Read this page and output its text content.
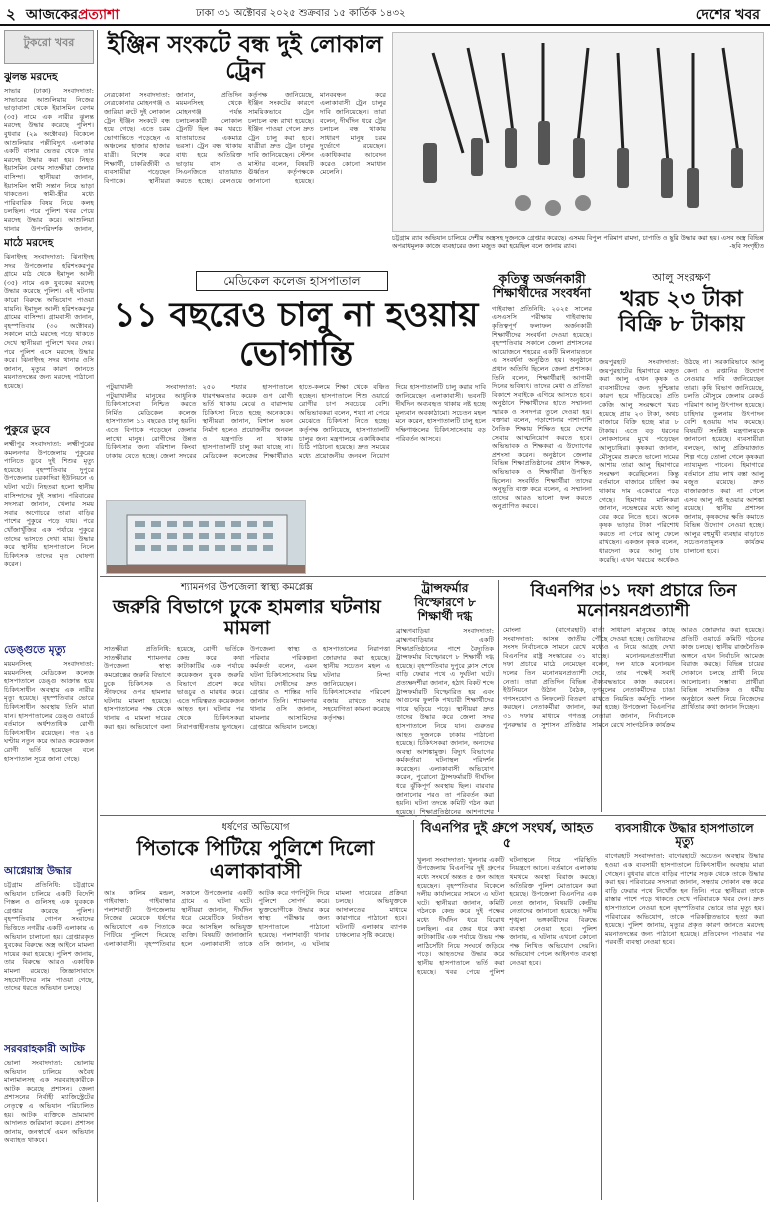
২ আজকেরপ্রত্যাশা	ঢাকা ৩১ অক্টোবর ২০২৫ শুক্রবার ১৫ কার্তিক ১৪৩২	দেশের খবর
টুকরো খবর
ঝুলন্ত মরদেহ
সাভার (ঢাকা) সংবাদদাতা: সাভারের আশুলিয়ায় নিজের ভাড়াবাসা থেকে ইয়াসমিন বেগম (৩৫) নামে এক নারীর ঝুলন্ত মরদেহ উদ্ধার করেছে পুলিশ। বুধবার (২৯ অক্টোবর) বিকেলে আশুলিয়ার পল্লীবিদ্যুৎ এলাকার একটি বাসার ভেতর থেকে তার মরদেহ উদ্ধার করা হয়। নিহত ইয়াসমিন বেগম সাতক্ষীরা জেলার বাসিন্দা। স্থানীয়রা জানান, ইয়াসমিন স্বামী সন্তান নিয়ে ভাড়া থাকতেন। স্বামী-স্ত্রীর মধ্যে পারিবারিক বিষয় নিয়ে কলহ চলছিল। পরে পুলিশ খবর পেয়ে মরদেহ উদ্ধার করে। আশুলিয়া থানার উপপরিদর্শক জানান,
মাঠে মরদেহ
ঝিনাইদহ সংবাদদাতা: ঝিনাইদহ সদর উপজেলার হরিশংকরপুর গ্রামে মাঠ থেকে ইমাদুল আলী (৩৫) নামে এক যুবকের মরদেহ উদ্ধার করেছে পুলিশ। এই ঘটনায় কারো বিরুদ্ধে অভিযোগ পাওয়া যায়নি। ইমাদুল আলী হরিশংকরপুর গ্রামের বাসিন্দা। গ্রামবাসী জানান, বৃহস্পতিবার (৩০ অক্টোবর) সকালে মাঠে মরদেহ পড়ে থাকতে দেখে স্থানীয়রা পুলিশে খবর দেয়। পরে পুলিশ এসে মরদেহ উদ্ধার করে। ঝিনাইদহ সদর থানার ওসি জানান, মৃত্যুর কারণ জানতে ময়নাতদন্তের জন্য মরদেহ পাঠানো হয়েছে।
পুকুরে ডুবে
লক্ষ্মীপুর সংবাদদাতা: লক্ষ্মীপুরের কমলনগর উপজেলায় পুকুরের পানিতে ডুবে দুই শিশুর মৃত্যু হয়েছে। বৃহস্পতিবার দুপুরে উপজেলার চরকাদিরা ইউনিয়নে এ ঘটনা ঘটে। নিহতরা হলো স্থানীয় বাসিন্দাদের দুই সন্তান। পরিবারের সদস্যরা জানান, খেলার সময় সবার অগোচরে তারা বাড়ির পাশের পুকুরে পড়ে যায়। পরে খোঁজাখুঁজির এক পর্যায়ে পুকুরে তাদের ভাসতে দেখা যায়। উদ্ধার করে স্থানীয় হাসপাতালে নিলে চিকিৎসক তাদের মৃত ঘোষণা করেন।
ডেঙ্গুতে মৃত্যু
ময়মনসিংহ সংবাদদাতা: ময়মনসিংহ মেডিকেল কলেজ হাসপাতালে ডেঙ্গু আক্রান্ত হয়ে চিকিৎসাধীন অবস্থায় এক নারীর মৃত্যু হয়েছে। বৃহস্পতিবার ভোরে চিকিৎসাধীন অবস্থায় তিনি মারা যান। হাসপাতালের ডেঙ্গু ওয়ার্ডে বর্তমানে অর্ধশতাধিক রোগী চিকিৎসাধীন রয়েছেন। গত ২৪ ঘণ্টায় নতুন করে আরও কয়েকজন রোগী ভর্তি হয়েছেন বলে হাসপাতাল সূত্রে জানা গেছে।
আগ্নেয়াস্ত্র উদ্ধার
চট্টগ্রাম প্রতিনিধি: চট্টগ্রামে অভিযান চালিয়ে একটি বিদেশি পিস্তল ও গুলিসহ এক যুবককে গ্রেপ্তার করেছে পুলিশ। বৃহস্পতিবার গোপন সংবাদের ভিত্তিতে নগরীর একটি এলাকায় এ অভিযান চালানো হয়। গ্রেপ্তারকৃত যুবকের বিরুদ্ধে অস্ত্র আইনে মামলা দায়ের করা হয়েছে। পুলিশ জানায়, তার বিরুদ্ধে আরও একাধিক মামলা রয়েছে। জিজ্ঞাসাবাদে সহযোগীদের নাম পাওয়া গেছে, তাদের ধরতে অভিযান চলছে।
সরবরাহকারী আটক
ভোলা সংবাদদাতা: ভোলায় অভিযান চালিয়ে অবৈধ মালামালসহ এক সরবরাহকারীকে আটক করেছে প্রশাসন। জেলা প্রশাসনের নির্বাহী ম্যাজিস্ট্রেটের নেতৃত্বে এ অভিযান পরিচালিত হয়। আটক ব্যক্তিকে ভ্রাম্যমাণ আদালত জরিমানা করেন। প্রশাসন জানায়, জনস্বার্থে এমন অভিযান অব্যাহত থাকবে।
ইঞ্জিন সংকটে বন্ধ দুই লোকাল ট্রেন
নেত্রকোনা সংবাদদাতা: নেত্রকোনার মোহনগঞ্জ ও জারিয়া রুটে দুই লোকাল ট্রেন ইঞ্জিন সংকটে বন্ধ হয়ে গেছে। এতে চরম ভোগান্তিতে পড়েছেন এ অঞ্চলের হাজার হাজার যাত্রী। বিশেষ করে শিক্ষার্থী, চাকরিজীবী ও ব্যবসায়ীরা পড়েছেন বিপাকে। স্থানীয়রা জানান, প্রতিদিন ময়মনসিংহ থেকে মোহনগঞ্জ পর্যন্ত চলাচলকারী লোকাল ট্রেনটি ছিল কম খরচে যাতায়াতের একমাত্র ভরসা। ট্রেন বন্ধ থাকায় বাধ্য হয়ে অতিরিক্ত ভাড়ায় বাস ও সিএনজিতে যাতায়াত করতে হচ্ছে। রেলওয়ে কর্তৃপক্ষ জানিয়েছে, ইঞ্জিন সংকটের কারণে সাময়িকভাবে ট্রেন চলাচল বন্ধ রাখা হয়েছে। ইঞ্জিন পাওয়া গেলে দ্রুত ট্রেন চালু করা হবে। যাত্রীরা দ্রুত ট্রেন চালুর দাবি জানিয়েছেন। স্টেশন মাস্টার বলেন, বিষয়টি ঊর্ধ্বতন কর্তৃপক্ষকে জানানো হয়েছে। মানববন্ধন করে এলাকাবাসী ট্রেন চালুর দাবি জানিয়েছেন। তারা বলেন, দীর্ঘদিন ধরে ট্রেন চলাচল বন্ধ থাকায় সাধারণ মানুষ চরম দুর্ভোগে রয়েছেন। একাধিকবার আবেদন করেও কোনো সমাধান মেলেনি।
চট্টগ্রাম র‍্যাব অভিযান চালিয়ে দেশীয় অস্ত্রসহ দুজনকে গ্রেপ্তার করেছে। এসময় বিপুল পরিমাণ রামদা, চাপাতি ও ছুরি উদ্ধার করা হয়। এসব অস্ত্র বিভিন্ন অপরাধমূলক কাজে ব্যবহারের জন্য মজুত করা হয়েছিল বলে জানায় র‍্যাব।	-ছবি সংগৃহীত
মেডিকেল কলেজ হাসপাতাল
১১ বছরেও চালু না হওয়ায় ভোগান্তি
পটুয়াখালী সংবাদদাতা: পটুয়াখালীর মানুষের আধুনিক চিকিৎসাসেবা নিশ্চিত করতে নির্মিত মেডিকেল কলেজ হাসপাতাল ১১ বছরেও চালু হয়নি। এতে বিপাকে পড়েছেন জেলার লাখো মানুষ। রোগীদের উন্নত চিকিৎসার জন্য বরিশাল কিংবা ঢাকায় যেতে হচ্ছে। জেলা সদরের ২৫০ শয্যার হাসপাতালে ধারণক্ষমতার কয়েক গুণ রোগী ভর্তি থাকায় মেঝে ও বারান্দায় চিকিৎসা নিতে হচ্ছে অনেককে। স্থানীয়রা জানান, বিশাল ভবন নির্মাণ হলেও প্রয়োজনীয় জনবল ও যন্ত্রপাতি না থাকায় হাসপাতালটি চালু করা যাচ্ছে না। মেডিকেল কলেজের শিক্ষার্থীরাও হাতে-কলমে শিক্ষা থেকে বঞ্চিত হচ্ছেন। হাসপাতালে শিশু ওয়ার্ডে রোগীর চাপ সবচেয়ে বেশি। অভিভাবকরা বলেন, শয্যা না পেয়ে মেঝেতে চিকিৎসা নিতে হচ্ছে। কর্তৃপক্ষ জানিয়েছে, হাসপাতালটি চালুর জন্য মন্ত্রণালয়ে একাধিকবার চিঠি পাঠানো হয়েছে। দ্রুত সময়ের মধ্যে প্রয়োজনীয় জনবল নিয়োগ দিয়ে হাসপাতালটি চালু করার দাবি জানিয়েছেন এলাকাবাসী। ভবনটি দীর্ঘদিন অব্যবহৃত থাকায় নষ্ট হচ্ছে মূল্যবান অবকাঠামো। সচেতন মহল মনে করেন, হাসপাতালটি চালু হলে দক্ষিণাঞ্চলের চিকিৎসাসেবায় বড় পরিবর্তন আসবে।
কৃতিত্ব অর্জনকারী শিক্ষার্থীদের সংবর্ধনা
গাইবান্ধা প্রতিনিধি: ২০২৫ সালের এসএসসি পরীক্ষায় গাইবান্ধায় কৃতিত্বপূর্ণ ফলাফল অর্জনকারী শিক্ষার্থীদের সংবর্ধনা দেওয়া হয়েছে। বৃহস্পতিবার সকালে জেলা প্রশাসনের আয়োজনে শহরের একটি মিলনায়তনে এ সংবর্ধনা অনুষ্ঠিত হয়। অনুষ্ঠানে প্রধান অতিথি ছিলেন জেলা প্রশাসক। তিনি বলেন, শিক্ষার্থীরাই আগামী দিনের ভবিষ্যৎ। তাদের মেধা ও প্রতিভা বিকাশে সবাইকে এগিয়ে আসতে হবে। অনুষ্ঠানে শিক্ষার্থীদের হাতে সম্মাননা স্মারক ও সনদপত্র তুলে দেওয়া হয়। বক্তারা বলেন, পড়াশোনার পাশাপাশি নৈতিক শিক্ষায় শিক্ষিত হয়ে দেশের সেবায় আত্মনিয়োগ করতে হবে। অভিভাবক ও শিক্ষকরা এ উদ্যোগের প্রশংসা করেন। অনুষ্ঠানে জেলার বিভিন্ন শিক্ষাপ্রতিষ্ঠানের প্রধান শিক্ষক, অভিভাবক ও শিক্ষার্থীরা উপস্থিত ছিলেন। সংবর্ধিত শিক্ষার্থীরা তাদের অনুভূতি ব্যক্ত করে বলেন, এ সম্মাননা তাদের আরও ভালো ফল করতে অনুপ্রাণিত করবে।
আলু সংরক্ষণ
খরচ ২৩ টাকা বিক্রি ৮ টাকায়
জয়পুরহাট সংবাদদাতা: জয়পুরহাটের হিমাগারে মজুত করা আলু এখন কৃষক ও ব্যবসায়ীদের জন্য দুশ্চিন্তার কারণ হয়ে দাঁড়িয়েছে। প্রতি কেজি আলু সংরক্ষণে খরচ হয়েছে প্রায় ২৩ টাকা, অথচ বাজারে বিক্রি হচ্ছে মাত্র ৮ টাকায়। এতে বড় ধরনের লোকসানের মুখে পড়েছেন আলুচাষিরা। কৃষকরা জানান, মৌসুমের শুরুতে ভালো দামের আশায় তারা আলু হিমাগারে সংরক্ষণ করেছিলেন। কিন্তু বর্তমানে বাজারে চাহিদা কম থাকায় দাম একেবারে পড়ে গেছে। হিমাগার মালিকরা জানান, নভেম্বরের মধ্যে আলু বের করে নিতে হবে। অনেক কৃষক ভাড়ার টাকা পরিশোধ করতে না পেরে আলু ফেলে রাখছেন। একজন কৃষক বলেন, ধারদেনা করে আলু চাষ করেছি। এখন খরচের অর্ধেকও উঠছে না। সরকারিভাবে আলু কেনা ও রপ্তানির উদ্যোগ নেওয়ার দাবি জানিয়েছেন তারা। কৃষি বিভাগ জানিয়েছে, চলতি মৌসুমে জেলায় রেকর্ড পরিমাণ আলু উৎপাদন হয়েছে। চাহিদার তুলনায় উৎপাদন বেশি হওয়ায় দাম কমেছে। বিষয়টি সংশ্লিষ্ট মন্ত্রণালয়কে জানানো হয়েছে। ব্যবসায়ীরা বলছেন, আলু প্রক্রিয়াজাত শিল্প গড়ে তোলা গেলে কৃষকরা ন্যায্যমূল্য পাবেন। হিমাগারে বর্তমানে প্রায় লাখ বস্তা আলু মজুত রয়েছে। দ্রুত বাজারজাত করা না গেলে এসব আলু নষ্ট হওয়ার আশঙ্কা রয়েছে। স্থানীয় প্রশাসন জানায়, কৃষকদের ক্ষতি কমাতে বিভিন্ন উদ্যোগ নেওয়া হচ্ছে। আলুর বহুমুখী ব্যবহার বাড়াতে সচেতনতামূলক কার্যক্রম চালানো হবে।
শ্যামনগর উপজেলা স্বাস্থ্য কমপ্লেক্স
জরুরি বিভাগে ঢুকে হামলার ঘটনায় মামলা
সাতক্ষীরা প্রতিনিধি: সাতক্ষীরার শ্যামনগর উপজেলা স্বাস্থ্য কমপ্লেক্সের জরুরি বিভাগে ঢুকে চিকিৎসক ও স্টাফদের ওপর হামলার ঘটনায় মামলা হয়েছে। হাসপাতালের পক্ষ থেকে থানায় এ মামলা দায়ের করা হয়। অভিযোগে বলা হয়েছে, রোগী ভর্তিকে কেন্দ্র করে কথা কাটাকাটির এক পর্যায়ে কয়েকজন যুবক জরুরি বিভাগে প্রবেশ করে ভাঙচুর ও মারধর করে। এতে দায়িত্বরত কয়েকজন আহত হন। ঘটনার পর থেকে চিকিৎসকরা নিরাপত্তাহীনতায় ভুগছেন। উপজেলা স্বাস্থ্য ও পরিবার পরিকল্পনা কর্মকর্তা বলেন, এমন ঘটনা চিকিৎসাসেবায় বিঘ্ন ঘটায়। দোষীদের দ্রুত গ্রেপ্তার ও শাস্তির দাবি জানান তিনি। শ্যামনগর থানার ওসি জানান, মামলার আসামিদের গ্রেপ্তারে অভিযান চলছে। হাসপাতালের নিরাপত্তা জোরদার করা হয়েছে। স্থানীয় সচেতন মহল এ ঘটনার নিন্দা জানিয়েছেন। চিকিৎসাসেবার পরিবেশ বজায় রাখতে সবার সহযোগিতা কামনা করেছে কর্তৃপক্ষ।
ট্রান্সফর্মার বিস্ফোরণে ৮ শিক্ষার্থী দগ্ধ
ব্রাহ্মণবাড়িয়া সংবাদদাতা: ব্রাহ্মণবাড়িয়ার একটি শিক্ষাপ্রতিষ্ঠানের পাশে বৈদ্যুতিক ট্রান্সফর্মার বিস্ফোরণে ৮ শিক্ষার্থী দগ্ধ হয়েছে। বৃহস্পতিবার দুপুরে ক্লাস শেষে বাড়ি ফেরার পথে এ দুর্ঘটনা ঘটে। প্রত্যক্ষদর্শীরা জানান, হঠাৎ বিকট শব্দে ট্রান্সফর্মারটি বিস্ফোরিত হয় এবং আগুনের ফুলকি পথচারী শিক্ষার্থীদের গায়ে ছড়িয়ে পড়ে। স্থানীয়রা দ্রুত তাদের উদ্ধার করে জেলা সদর হাসপাতালে নিয়ে যান। গুরুতর আহত দুজনকে ঢাকায় পাঠানো হয়েছে। চিকিৎসকরা জানান, অন্যদের অবস্থা আশঙ্কামুক্ত। বিদ্যুৎ বিভাগের কর্মকর্তারা ঘটনাস্থল পরিদর্শন করেছেন। এলাকাবাসী অভিযোগ করেন, পুরোনো ট্রান্সফর্মারটি দীর্ঘদিন ধরে ঝুঁকিপূর্ণ অবস্থায় ছিল। বারবার জানানোর পরও তা পরিবর্তন করা হয়নি। ঘটনা তদন্তে কমিটি গঠন করা হয়েছে। শিক্ষাপ্রতিষ্ঠানের আশপাশের
বিএনপির ৩১ দফা প্রচারে তিন মনোনয়নপ্রত্যাশী
মোংলা (বাগেরহাট) সংবাদদাতা: আসন্ন জাতীয় সংসদ নির্বাচনকে সামনে রেখে বিএনপির রাষ্ট্র সংস্কারের ৩১ দফা প্রচারে মাঠে নেমেছেন দলের তিন মনোনয়নপ্রত্যাশী নেতা। তারা প্রতিদিন বিভিন্ন ইউনিয়নে উঠান বৈঠক, গণসংযোগ ও লিফলেট বিতরণ করছেন। নেতাকর্মীরা জানান, ৩১ দফার মাধ্যমে গণতন্ত্র পুনরুদ্ধার ও সুশাসন প্রতিষ্ঠার বার্তা সাধারণ মানুষের কাছে পৌঁছে দেওয়া হচ্ছে। ভোটারদের মধ্যেও এ নিয়ে আগ্রহ দেখা যাচ্ছে। মনোনয়নপ্রত্যাশীরা বলেন, দল যাকে মনোনয়ন দেবে, তার পক্ষেই সবাই ঐক্যবদ্ধভাবে কাজ করবেন। তৃণমূলের নেতাকর্মীদের চাঙা রাখতে নিয়মিত কর্মসূচি পালন করা হচ্ছে। উপজেলা বিএনপির নেতারা জানান, নির্বাচনকে সামনে রেখে সাংগঠনিক কার্যক্রম আরও জোরদার করা হয়েছে। প্রতিটি ওয়ার্ডে কমিটি গঠনের কাজ চলছে। স্থানীয় রাজনৈতিক অঙ্গনে এখন নির্বাচনি আমেজ বিরাজ করছে। বিভিন্ন চায়ের দোকানে চলছে প্রার্থী নিয়ে আলোচনা। সম্ভাব্য প্রার্থীরা বিভিন্ন সামাজিক ও ধর্মীয় অনুষ্ঠানে অংশ নিয়ে নিজেদের প্রার্থিতার কথা জানান দিচ্ছেন।
বিএনপির দুই গ্রুপে সংঘর্ষ, আহত ৫
খুলনা সংবাদদাতা: খুলনার একটি উপজেলায় বিএনপির দুই গ্রুপের মধ্যে সংঘর্ষে অন্তত ৫ জন আহত হয়েছেন। বৃহস্পতিবার বিকেলে দলীয় কার্যালয়ের সামনে এ ঘটনা ঘটে। স্থানীয়রা জানান, কমিটি গঠনকে কেন্দ্র করে দুই পক্ষের মধ্যে দীর্ঘদিন ধরে বিরোধ চলছিল। এর জের ধরে কথা কাটাকাটির এক পর্যায়ে উভয় পক্ষ লাঠিসোঁটা নিয়ে সংঘর্ষে জড়িয়ে পড়ে। আহতদের উদ্ধার করে স্থানীয় হাসপাতালে ভর্তি করা হয়েছে। খবর পেয়ে পুলিশ ঘটনাস্থলে গিয়ে পরিস্থিতি নিয়ন্ত্রণে আনে। বর্তমানে এলাকায় থমথমে অবস্থা বিরাজ করছে। অতিরিক্ত পুলিশ মোতায়েন করা হয়েছে। উপজেলা বিএনপির এক নেতা জানান, বিষয়টি কেন্দ্রীয় নেতাদের জানানো হয়েছে। দলীয় শৃঙ্খলা ভঙ্গকারীদের বিরুদ্ধে ব্যবস্থা নেওয়া হবে। পুলিশ জানায়, এ ঘটনায় এখনো কোনো পক্ষ লিখিত অভিযোগ দেয়নি। অভিযোগ পেলে আইনগত ব্যবস্থা নেওয়া হবে।
ব্যবসায়ীকে উদ্ধার হাসপাতালে মৃত্যু
বাগেরহাট সংবাদদাতা: বাগেরহাটে অচেতন অবস্থায় উদ্ধার হওয়া এক ব্যবসায়ী হাসপাতালে চিকিৎসাধীন অবস্থায় মারা গেছেন। বুধবার রাতে বাড়ির পাশের সড়ক থেকে তাকে উদ্ধার করা হয়। পরিবারের সদস্যরা জানান, সন্ধ্যায় দোকান বন্ধ করে বাড়ি ফেরার পথে নিখোঁজ হন তিনি। পরে স্থানীয়রা তাকে রাস্তার পাশে পড়ে থাকতে দেখে পরিবারকে খবর দেন। দ্রুত হাসপাতালে নেওয়া হলে বৃহস্পতিবার ভোরে তার মৃত্যু হয়। পরিবারের অভিযোগ, তাকে পরিকল্পিতভাবে হত্যা করা হয়েছে। পুলিশ জানায়, মৃত্যুর প্রকৃত কারণ জানতে মরদেহ ময়নাতদন্তের জন্য পাঠানো হয়েছে। প্রতিবেদন পাওয়ার পর পরবর্তী ব্যবস্থা নেওয়া হবে।
ধর্ষণের অভিযোগ
পিতাকে পিটিয়ে পুলিশে দিলো এলাকাবাসী
আঃ কালিম মন্ডল, গাইবান্ধা: গাইবান্ধার পলাশবাড়ী উপজেলায় নিজের মেয়েকে ধর্ষণের অভিযোগে এক পিতাকে পিটিয়ে পুলিশে দিয়েছে এলাকাবাসী। বৃহস্পতিবার সকালে উপজেলার একটি গ্রামে এ ঘটনা ঘটে। স্থানীয়রা জানান, দীর্ঘদিন ধরে মেয়েটিকে নির্যাতন করে আসছিল অভিযুক্ত ব্যক্তি। বিষয়টি জানাজানি হলে এলাকাবাসী তাকে আটক করে গণপিটুনি দিয়ে পুলিশে সোপর্দ করে। ভুক্তভোগীকে উদ্ধার করে স্বাস্থ্য পরীক্ষার জন্য হাসপাতালে পাঠানো হয়েছে। পলাশবাড়ী থানার ওসি জানান, এ ঘটনায় মামলা দায়েরের প্রক্রিয়া চলছে। অভিযুক্তকে আদালতের মাধ্যমে কারাগারে পাঠানো হবে। ঘটনাটি এলাকায় ব্যাপক চাঞ্চল্যের সৃষ্টি করেছে।
